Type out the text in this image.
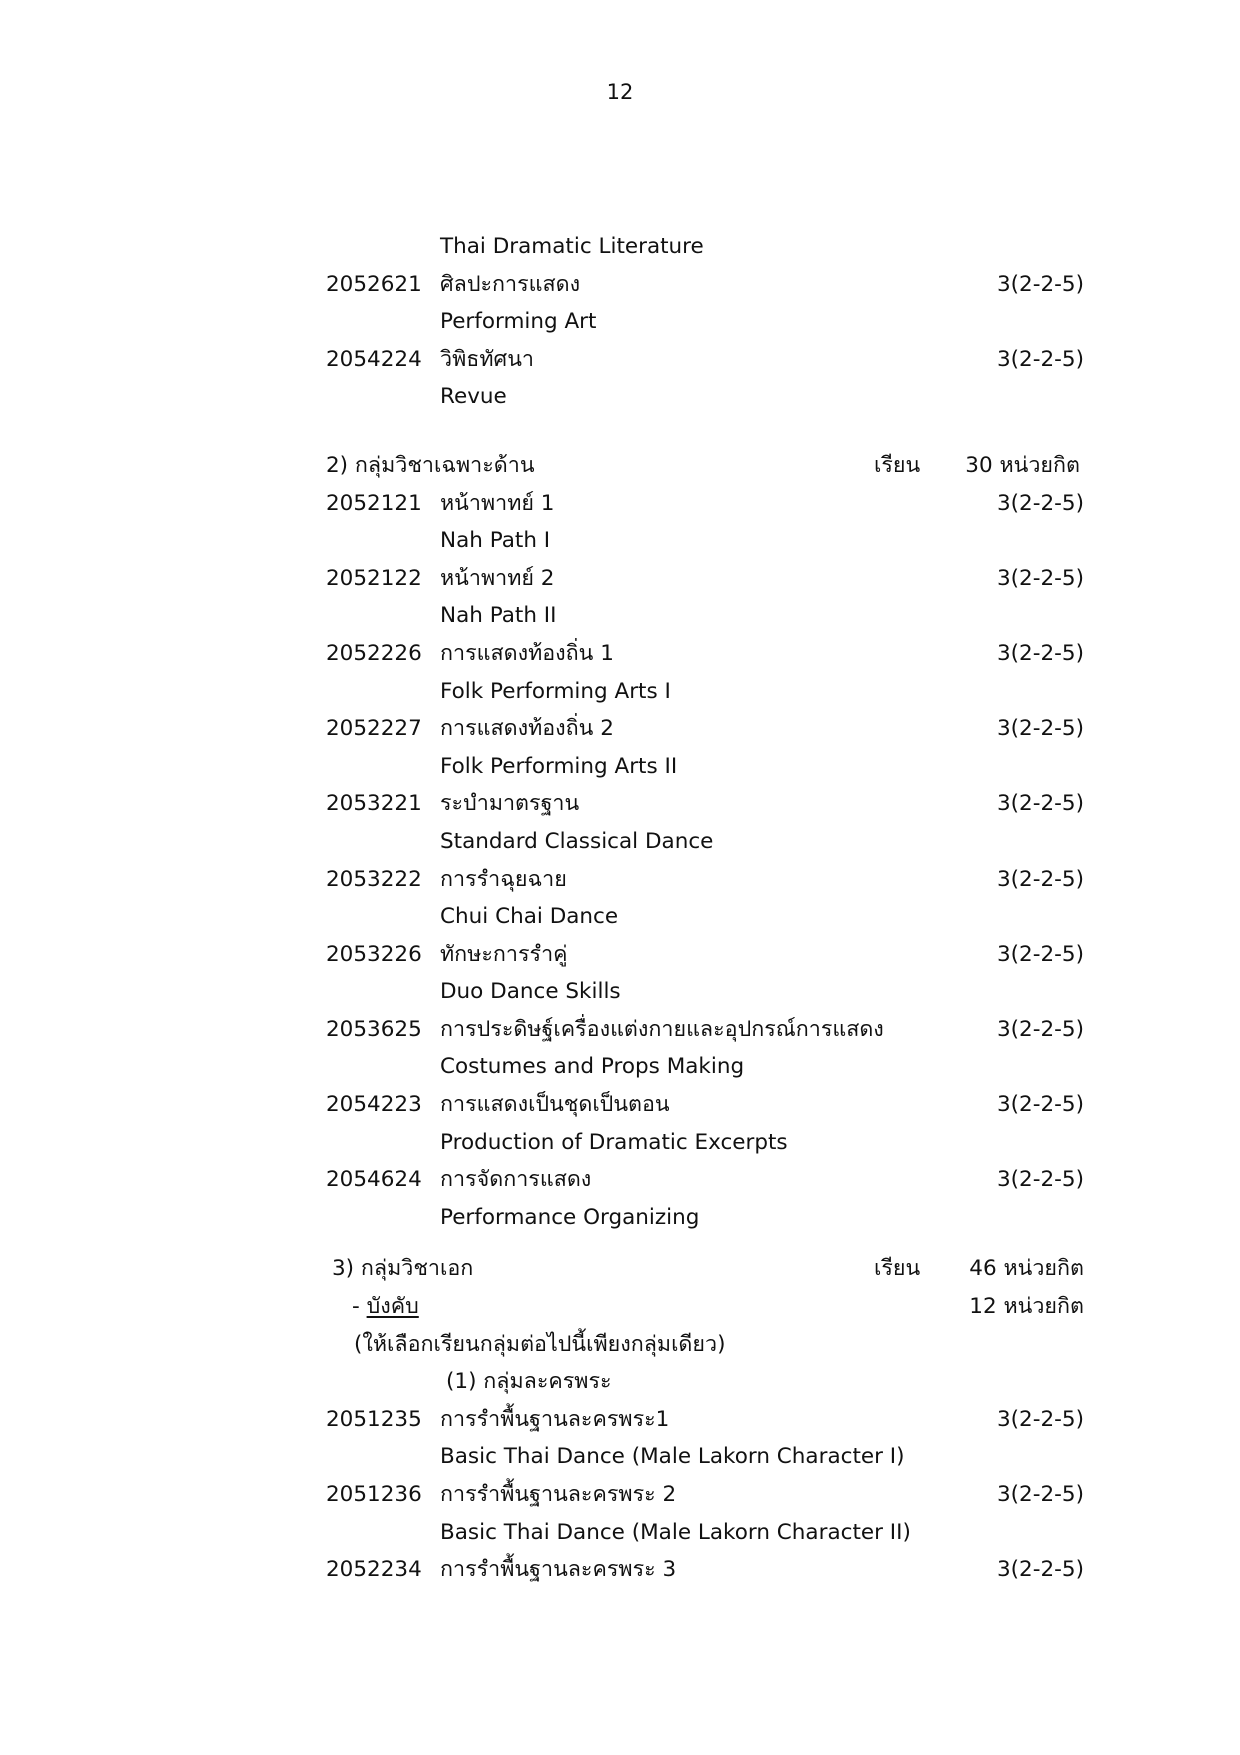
12
Thai Dramatic Literature
2052621 ศิลปะการแสดง	3(2-2-5)
Performing Art
2054224 วิพิธทัศนา	3(2-2-5)
Revue
2) กลุ่มวิชาเฉพาะด้าน	เรียน 30 หน่วยกิต
2052121 หน้าพาทย์ 1	3(2-2-5)
Nah Path I
2052122 หน้าพาทย์ 2	3(2-2-5)
Nah Path II
2052226 การแสดงท้องถิ่น 1	3(2-2-5)
Folk Performing Arts I
2052227 การแสดงท้องถิ่น 2	3(2-2-5)
Folk Performing Arts II
2053221 ระบำมาตรฐาน	3(2-2-5)
Standard Classical Dance
2053222 การรำฉุยฉาย	3(2-2-5)
Chui Chai Dance
2053226 ทักษะการรำคู่	3(2-2-5)
Duo Dance Skills
2053625 การประดิษฐ์เครื่องแต่งกายและอุปกรณ์การแสดง	3(2-2-5)
Costumes and Props Making
2054223 การแสดงเป็นชุดเป็นตอน	3(2-2-5)
Production of Dramatic Excerpts
2054624 การจัดการแสดง	3(2-2-5)
Performance Organizing
3) กลุ่มวิชาเอก	เรียน 46 หน่วยกิต
- บังคับ	12 หน่วยกิต
(ให้เลือกเรียนกลุ่มต่อไปนี้เพียงกลุ่มเดียว)
(1) กลุ่มละครพระ
2051235 การรำพื้นฐานละครพระ1	3(2-2-5)
Basic Thai Dance (Male Lakorn Character I)
2051236 การรำพื้นฐานละครพระ 2	3(2-2-5)
Basic Thai Dance (Male Lakorn Character II)
2052234 การรำพื้นฐานละครพระ 3	3(2-2-5)
